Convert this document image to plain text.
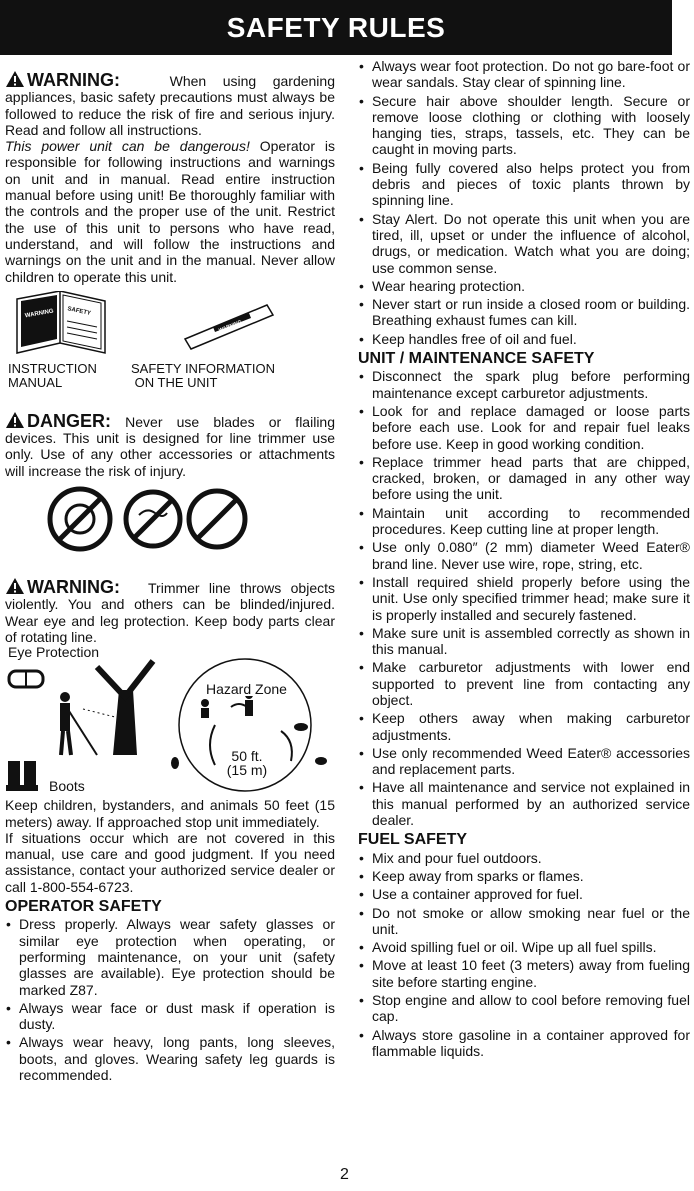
SAFETY RULES

WARNING:	When using gardening appliances, basic safety precautions must always be followed to reduce the risk of fire and serious injury. Read and follow all instructions.

This power unit can be dangerous! Operator is responsible for following instructions and warnings on unit and in manual. Read entire instruction manual before using unit! Be thoroughly familiar with the controls and the proper use of the unit. Restrict the use of this unit to persons who have read, understand, and will follow the instructions and warnings on the unit and in the manual. Never allow children to operate this unit.

WARNING SAFETY
WARNING
INSTRUCTION
MANUAL
SAFETY INFORMATION
ON THE UNIT

DANGER: Never use blades or flailing devices. This unit is designed for line trimmer use only. Use of any other accessories or attachments will increase the risk of injury.

WARNING: Trimmer line throws objects violently. You and others can be blinded/injured. Wear eye and leg protection. Keep body parts clear of rotating line.

Eye Protection
Hazard Zone
50 ft.
(15 m)
Boots

Keep children, bystanders, and animals 50 feet (15 meters) away. If approached stop unit immediately.

If situations occur which are not covered in this manual, use care and good judgment. If you need assistance, contact your authorized service dealer or call 1-800-554-6723.

OPERATOR SAFETY
• Dress properly. Always wear safety glasses or similar eye protection when operating, or performing maintenance, on your unit (safety glasses are available). Eye protection should be marked Z87.
• Always wear face or dust mask if operation is dusty.
• Always wear heavy, long pants, long sleeves, boots, and gloves. Wearing safety leg guards is recommended.
• Always wear foot protection. Do not go bare-foot or wear sandals. Stay clear of spinning line.
• Secure hair above shoulder length. Secure or remove loose clothing or clothing with loosely hanging ties, straps, tassels, etc. They can be caught in moving parts.
• Being fully covered also helps protect you from debris and pieces of toxic plants thrown by spinning line.
• Stay Alert. Do not operate this unit when you are tired, ill, upset or under the influence of alcohol, drugs, or medication. Watch what you are doing; use common sense.
• Wear hearing protection.
• Never start or run inside a closed room or building. Breathing exhaust fumes can kill.
• Keep handles free of oil and fuel.
UNIT / MAINTENANCE SAFETY
• Disconnect the spark plug before performing maintenance except carburetor adjustments.
• Look for and replace damaged or loose parts before each use. Look for and repair fuel leaks before use. Keep in good working condition.
• Replace trimmer head parts that are chipped, cracked, broken, or damaged in any other way before using the unit.
• Maintain unit according to recommended procedures. Keep cutting line at proper length.
• Use only 0.080″ (2 mm) diameter Weed Eater® brand line. Never use wire, rope, string, etc.
• Install required shield properly before using the unit. Use only specified trimmer head; make sure it is properly installed and securely fastened.
• Make sure unit is assembled correctly as shown in this manual.
• Make carburetor adjustments with lower end supported to prevent line from contacting any object.
• Keep others away when making carburetor adjustments.
• Use only recommended Weed Eater® accessories and replacement parts.
• Have all maintenance and service not explained in this manual performed by an authorized service dealer.
FUEL SAFETY
• Mix and pour fuel outdoors.
• Keep away from sparks or flames.
• Use a container approved for fuel.
• Do not smoke or allow smoking near fuel or the unit.
• Avoid spilling fuel or oil. Wipe up all fuel spills.
• Move at least 10 feet (3 meters) away from fueling site before starting engine.
• Stop engine and allow to cool before removing fuel cap.
• Always store gasoline in a container approved for flammable liquids.
2
